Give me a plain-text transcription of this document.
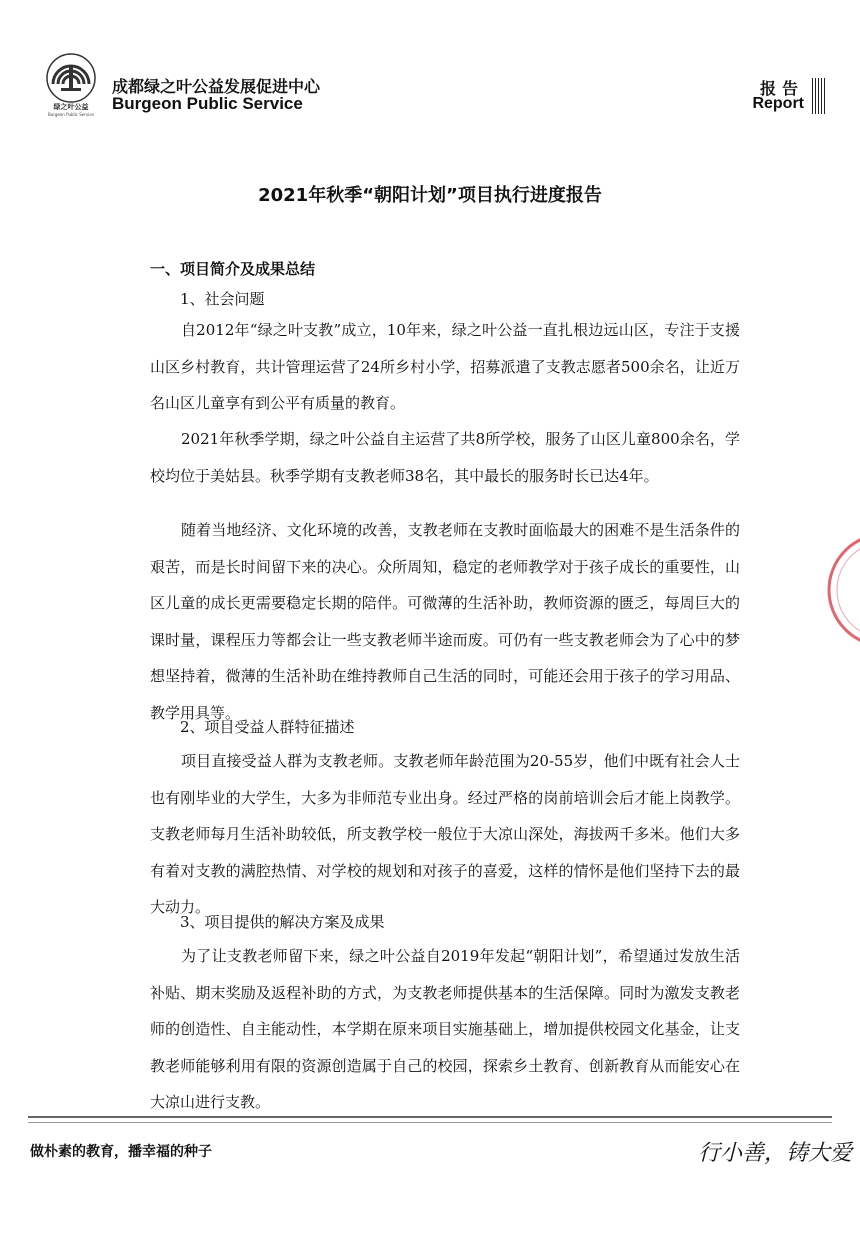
绿之叶公益
Burgeon Public Service
成都绿之叶公益发展促进中心
Burgeon Public Service
报告
Report
2021年秋季“朝阳计划”项目执行进度报告
一、项目简介及成果总结
1、社会问题
自2012年“绿之叶支教”成立，10年来，绿之叶公益一直扎根边远山区，专注于支援山区乡村教育，共计管理运营了24所乡村小学，招募派遣了支教志愿者500余名，让近万名山区儿童享有到公平有质量的教育。
2021年秋季学期，绿之叶公益自主运营了共8所学校，服务了山区儿童800余名，学校均位于美姑县。秋季学期有支教老师38名，其中最长的服务时长已达4年。
随着当地经济、文化环境的改善，支教老师在支教时面临最大的困难不是生活条件的艰苦，而是长时间留下来的决心。众所周知，稳定的老师教学对于孩子成长的重要性，山区儿童的成长更需要稳定长期的陪伴。可微薄的生活补助，教师资源的匮乏，每周巨大的课时量，课程压力等都会让一些支教老师半途而废。可仍有一些支教老师会为了心中的梦想坚持着，微薄的生活补助在维持教师自己生活的同时，可能还会用于孩子的学习用品、教学用具等。
2、项目受益人群特征描述
项目直接受益人群为支教老师。支教老师年龄范围为20-55岁，他们中既有社会人士也有刚毕业的大学生，大多为非师范专业出身。经过严格的岗前培训会后才能上岗教学。支教老师每月生活补助较低，所支教学校一般位于大凉山深处，海拔两千多米。他们大多有着对支教的满腔热情、对学校的规划和对孩子的喜爱，这样的情怀是他们坚持下去的最大动力。
3、项目提供的解决方案及成果
为了让支教老师留下来，绿之叶公益自2019年发起“朝阳计划”，希望通过发放生活补贴、期末奖励及返程补助的方式，为支教老师提供基本的生活保障。同时为激发支教老师的创造性、自主能动性，本学期在原来项目实施基础上，增加提供校园文化基金，让支教老师能够利用有限的资源创造属于自己的校园，探索乡土教育、创新教育从而能安心在大凉山进行支教。
做朴素的教育，播幸福的种子	行小善，铸大爱
